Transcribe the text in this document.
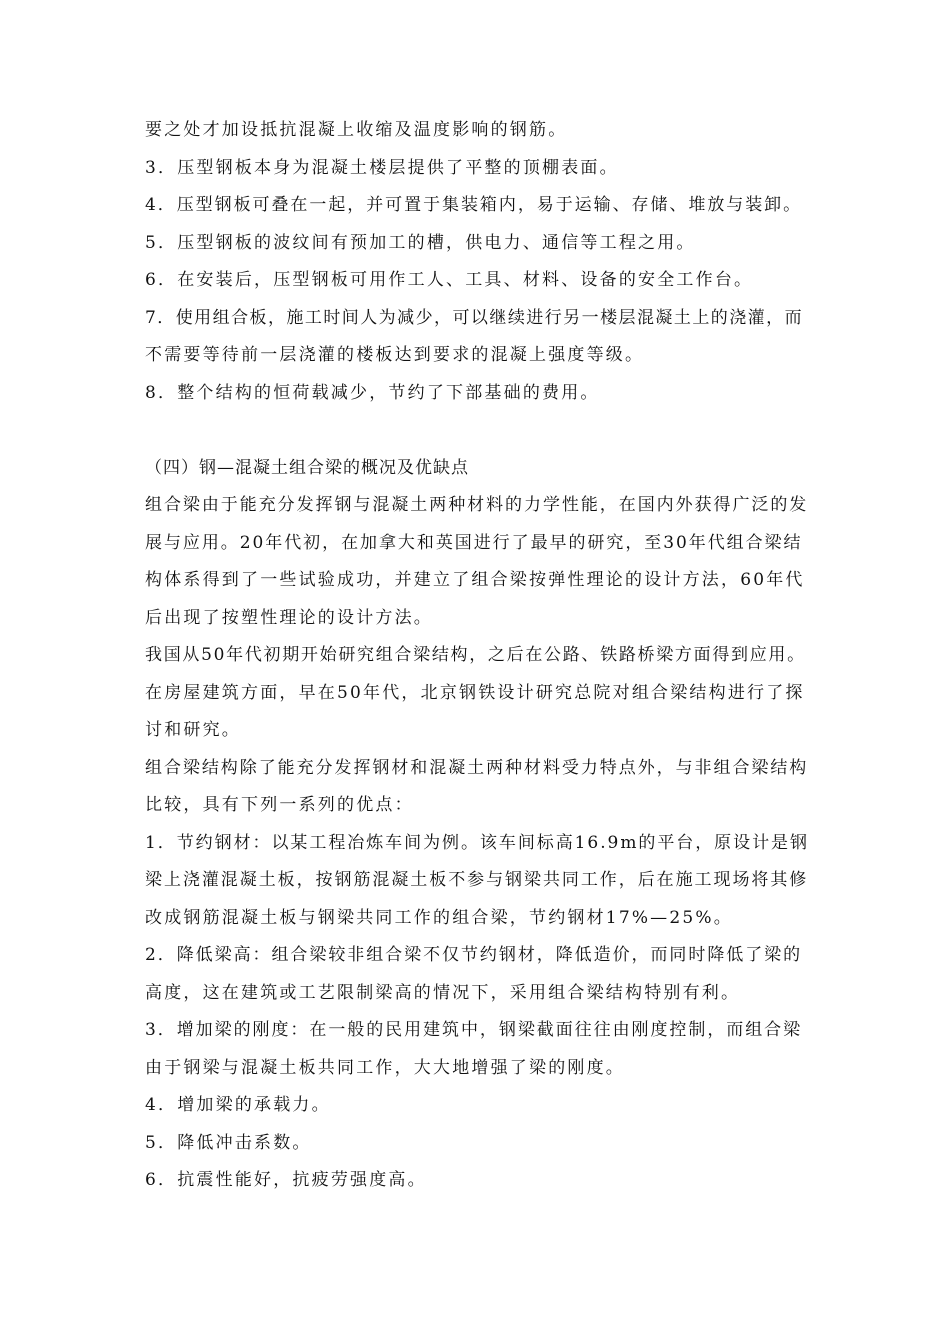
要之处才加设抵抗混凝上收缩及温度影响的钢筋。
3．压型钢板本身为混凝土楼层提供了平整的顶棚表面。
4．压型钢板可叠在一起，并可置于集装箱内，易于运输、存储、堆放与装卸。
5．压型钢板的波纹间有预加工的槽，供电力、通信等工程之用。
6．在安装后，压型钢板可用作工人、工具、材料、设备的安全工作台。
7．使用组合板，施工时间人为减少，可以继续进行另一楼层混凝土上的浇灌，而
不需要等待前一层浇灌的楼板达到要求的混凝上强度等级。
8．整个结构的恒荷载减少，节约了下部基础的费用。
（四）钢—混凝土组合梁的概况及优缺点
组合梁由于能充分发挥钢与混凝土两种材料的力学性能，在国内外获得广泛的发
展与应用。20年代初，在加拿大和英国进行了最早的研究，至30年代组合梁结
构体系得到了一些试验成功，并建立了组合梁按弹性理论的设计方法，60年代
后出现了按塑性理论的设计方法。
我国从50年代初期开始研究组合梁结构，之后在公路、铁路桥梁方面得到应用。
在房屋建筑方面，早在50年代，北京钢铁设计研究总院对组合梁结构进行了探
讨和研究。
组合梁结构除了能充分发挥钢材和混凝土两种材料受力特点外，与非组合梁结构
比较，具有下列一系列的优点：
1．节约钢材：以某工程冶炼车间为例。该车间标高16.9m的平台，原设计是钢
梁上浇灌混凝土板，按钢筋混凝土板不参与钢梁共同工作，后在施工现场将其修
改成钢筋混凝土板与钢梁共同工作的组合梁，节约钢材17%—25%。
2．降低梁高：组合梁较非组合梁不仅节约钢材，降低造价，而同时降低了梁的
高度，这在建筑或工艺限制梁高的情况下，采用组合梁结构特别有利。
3．增加梁的刚度：在一般的民用建筑中，钢梁截面往往由刚度控制，而组合梁
由于钢梁与混凝土板共同工作，大大地增强了梁的刚度。
4．增加梁的承载力。
5．降低冲击系数。
6．抗震性能好，抗疲劳强度高。
